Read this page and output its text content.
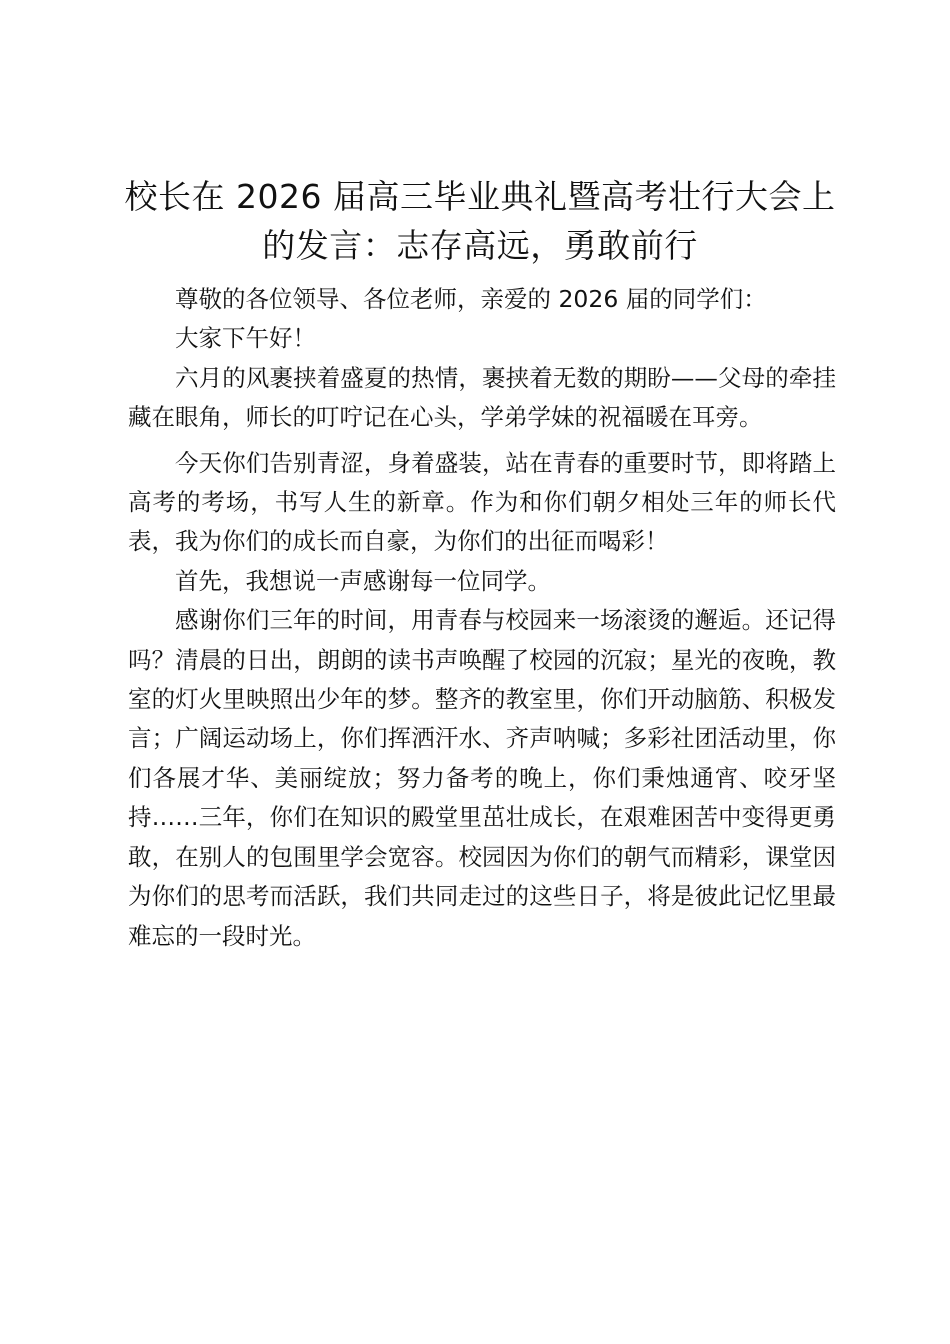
校长在 2026 届高三毕业典礼暨高考壮行大会上的发言：志存高远，勇敢前行

尊敬的各位领导、各位老师，亲爱的 2026 届的同学们：

大家下午好！

六月的风裹挟着盛夏的热情，裹挟着无数的期盼——父母的牵挂藏在眼角，师长的叮咛记在心头，学弟学妹的祝福暖在耳旁。

今天你们告别青涩，身着盛装，站在青春的重要时节，即将踏上高考的考场，书写人生的新章。作为和你们朝夕相处三年的师长代表，我为你们的成长而自豪，为你们的出征而喝彩！

首先，我想说一声感谢每一位同学。

感谢你们三年的时间，用青春与校园来一场滚烫的邂逅。还记得吗？清晨的日出，朗朗的读书声唤醒了校园的沉寂；星光的夜晚，教室的灯火里映照出少年的梦。整齐的教室里，你们开动脑筋、积极发言；广阔运动场上，你们挥洒汗水、齐声呐喊；多彩社团活动里，你们各展才华、美丽绽放；努力备考的晚上，你们秉烛通宵、咬牙坚持……三年，你们在知识的殿堂里茁壮成长，在艰难困苦中变得更勇敢，在别人的包围里学会宽容。校园因为你们的朝气而精彩，课堂因为你们的思考而活跃，我们共同走过的这些日子，将是彼此记忆里最难忘的一段时光。
